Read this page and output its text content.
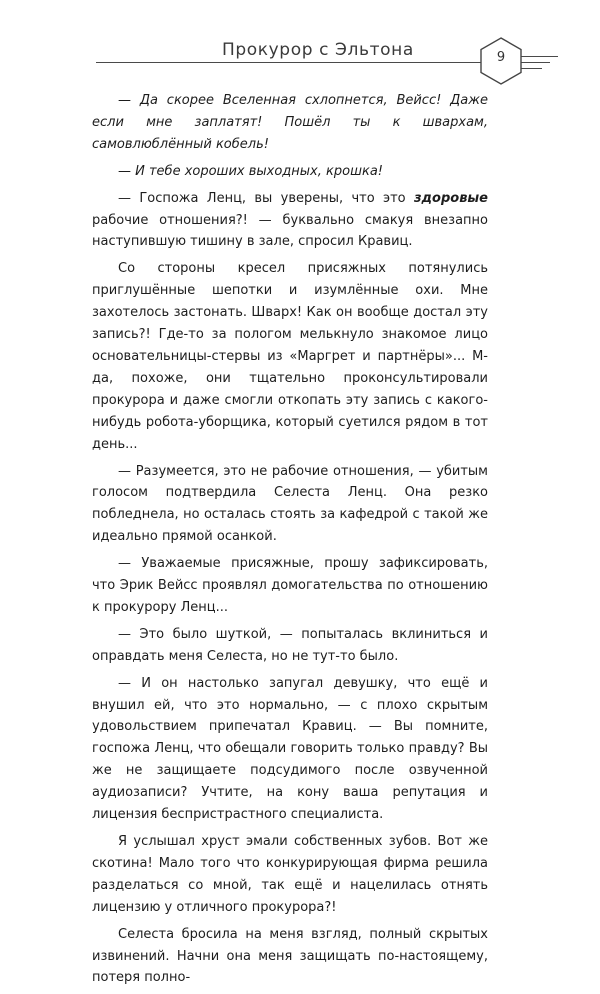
Прокурор с Эльтона	9

— Да скорее Вселенная схлопнется, Вейсс! Даже если мне заплатят! Пошёл ты к швархам, самовлюблённый кобель!

— И тебе хороших выходных, крошка!

— Госпожа Ленц, вы уверены, что это здоровые рабочие отношения?! — буквально смакуя внезапно наступившую тишину в зале, спросил Кравиц.

Со стороны кресел присяжных потянулись приглушённые шепотки и изумлённые охи. Мне захотелось застонать. Шварх! Как он вообще достал эту запись?! Где-то за пологом мелькнуло знакомое лицо основательницы-стервы из «Маргрет и партнёры»... М-да, похоже, они тщательно проконсультировали прокурора и даже смогли откопать эту запись с какого-нибудь робота-уборщика, который суетился рядом в тот день...

— Разумеется, это не рабочие отношения, — убитым голосом подтвердила Селеста Ленц. Она резко побледнела, но осталась стоять за кафедрой с такой же идеально прямой осанкой.

— Уважаемые присяжные, прошу зафиксировать, что Эрик Вейсс проявлял домогательства по отношению к прокурору Ленц...

— Это было шуткой, — попыталась вклиниться и оправдать меня Селеста, но не тут-то было.

— И он настолько запугал девушку, что ещё и внушил ей, что это нормально, — с плохо скрытым удовольствием припечатал Кравиц. — Вы помните, госпожа Ленц, что обещали говорить только правду? Вы же не защищаете подсудимого после озвученной аудиозаписи? Учтите, на кону ваша репутация и лицензия беспристрастного специалиста.

Я услышал хруст эмали собственных зубов. Вот же скотина! Мало того что конкурирующая фирма решила разделаться со мной, так ещё и нацелилась отнять лицензию у отличного прокурора?!

Селеста бросила на меня взгляд, полный скрытых извинений. Начни она меня защищать по-настоящему, потеря полно-
